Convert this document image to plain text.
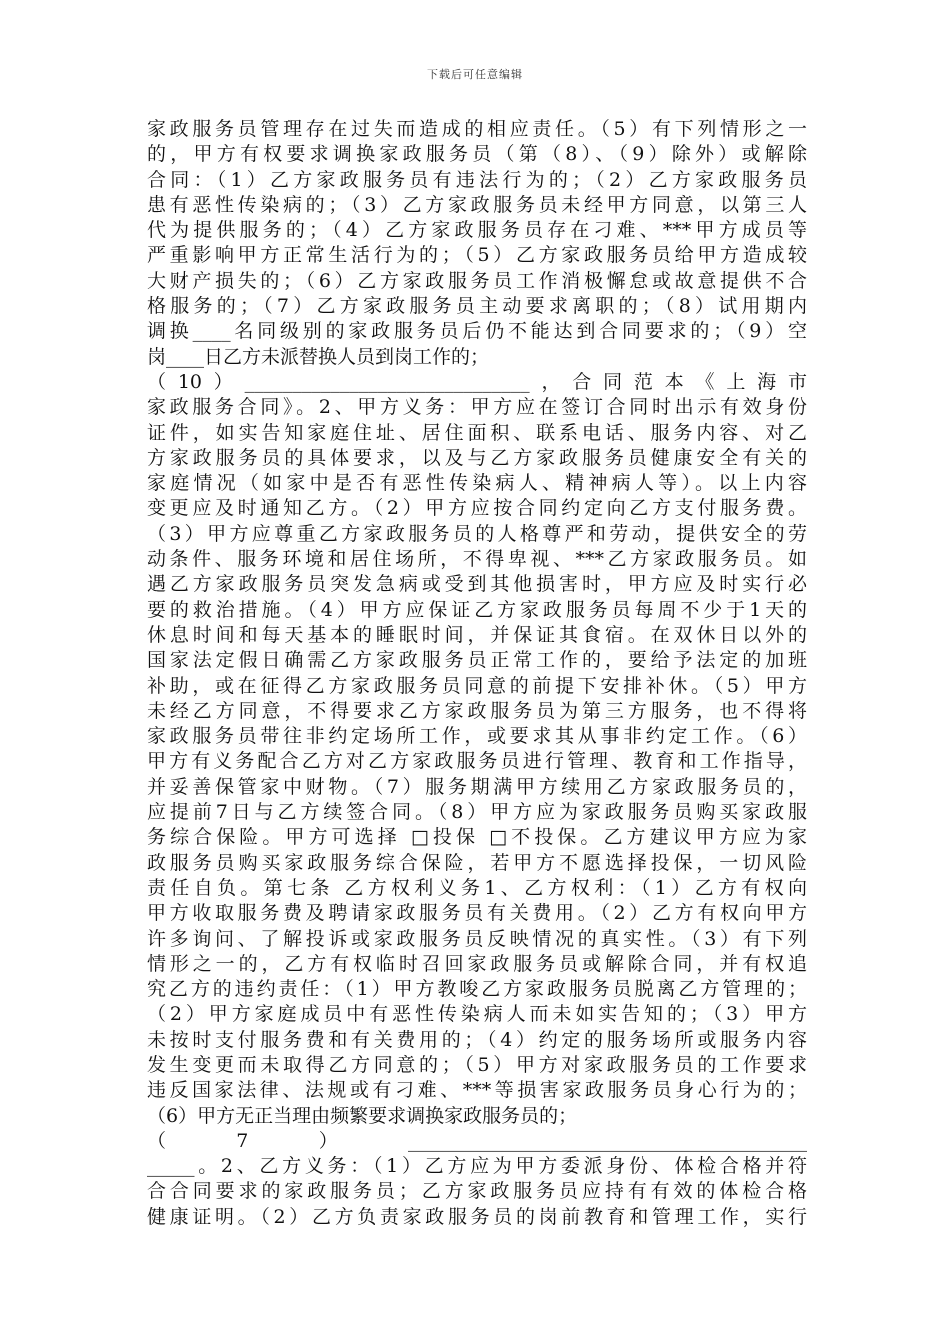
下载后可任意编辑
家政服务员管理存在过失而造成的相应责任。（5）有下列情形之一
的，甲方有权要求调换家政服务员（第（8）、（9）除外）或解除
合同：（1）乙方家政服务员有违法行为的；（2）乙方家政服务员
患有恶性传染病的；（3）乙方家政服务员未经甲方同意，以第三人
代为提供服务的；（4）乙方家政服务员存在刁难、***甲方成员等
严重影响甲方正常生活行为的；（5）乙方家政服务员给甲方造成较
大财产损失的；（6）乙方家政服务员工作消极懈怠或故意提供不合
格服务的；（7）乙方家政服务员主动要求离职的；（8）试用期内
调换____名同级别的家政服务员后仍不能达到合同要求的；（9）空
岗____日乙方未派替换人员到岗工作的；
（10）______________________________，合同范本《上海市
家政服务合同》。2、甲方义务：甲方应在签订合同时出示有效身份
证件，如实告知家庭住址、居住面积、联系电话、服务内容、对乙
方家政服务员的具体要求，以及与乙方家政服务员健康安全有关的
家庭情况（如家中是否有恶性传染病人、精神病人等）。以上内容
变更应及时通知乙方。（2）甲方应按合同约定向乙方支付服务费。
（3）甲方应尊重乙方家政服务员的人格尊严和劳动，提供安全的劳
动条件、服务环境和居住场所，不得卑视、***乙方家政服务员。如
遇乙方家政服务员突发急病或受到其他损害时，甲方应及时实行必
要的救治措施。（4）甲方应保证乙方家政服务员每周不少于1天的
休息时间和每天基本的睡眠时间，并保证其食宿。在双休日以外的
国家法定假日确需乙方家政服务员正常工作的，要给予法定的加班
补助，或在征得乙方家政服务员同意的前提下安排补休。（5）甲方
未经乙方同意，不得要求乙方家政服务员为第三方服务，也不得将
家政服务员带往非约定场所工作，或要求其从事非约定工作。（6）
甲方有义务配合乙方对乙方家政服务员进行管理、教育和工作指导，
并妥善保管家中财物。（7）服务期满甲方续用乙方家政服务员的，
应提前7日与乙方续签合同。（8）甲方应为家政服务员购买家政服
务综合保险。甲方可选择 □投保 □不投保。乙方建议甲方应为家
政服务员购买家政服务综合保险，若甲方不愿选择投保，一切风险
责任自负。第七条 乙方权利义务1、乙方权利：（1）乙方有权向
甲方收取服务费及聘请家政服务员有关费用。（2）乙方有权向甲方
许多询问、了解投诉或家政服务员反映情况的真实性。（3）有下列
情形之一的，乙方有权临时召回家政服务员或解除合同，并有权追
究乙方的违约责任：（1）甲方教唆乙方家政服务员脱离乙方管理的；
（2）甲方家庭成员中有恶性传染病人而未如实告知的；（3）甲方
未按时支付服务费和有关费用的；（4）约定的服务场所或服务内容
发生变更而未取得乙方同意的；（5）甲方对家政服务员的工作要求
违反国家法律、法规或有刁难、***等损害家政服务员身心行为的；
（6）甲方无正当理由频繁要求调换家政服务员的；
（7）__________________________________________
_____。2、乙方义务：（1）乙方应为甲方委派身份、体检合格并符
合合同要求的家政服务员；乙方家政服务员应持有有效的体检合格
健康证明。（2）乙方负责家政服务员的岗前教育和管理工作，实行
